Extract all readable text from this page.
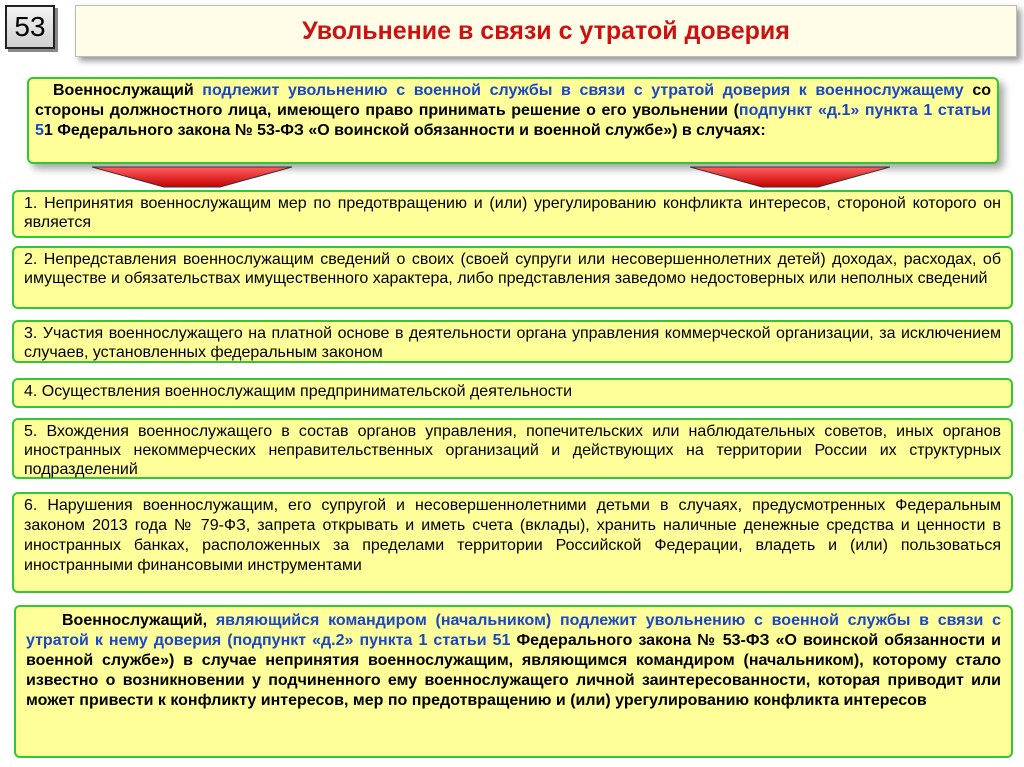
53	Увольнение в связи с утратой доверия
Военнослужащий подлежит увольнению с военной службы в связи с утратой доверия к военнослужащему со стороны должностного лица, имеющего право принимать решение о его увольнении (подпункт «д.1» пункта 1 статьи 51 Федерального закона № 53-ФЗ «О воинской обязанности и военной службе») в случаях:
1. Непринятия военнослужащим мер по предотвращению и (или) урегулированию конфликта интересов, стороной которого он является
2. Непредставления военнослужащим сведений о своих (своей супруги или несовершеннолетних детей) доходах, расходах, об имуществе и обязательствах имущественного характера, либо представления заведомо недостоверных или неполных сведений
3. Участия военнослужащего на платной основе в деятельности органа управления коммерческой организации, за исключением случаев, установленных федеральным законом
4. Осуществления военнослужащим предпринимательской деятельности
5. Вхождения военнослужащего в состав органов управления, попечительских или наблюдательных советов, иных органов иностранных некоммерческих неправительственных организаций и действующих на территории России их структурных подразделений
6. Нарушения военнослужащим, его супругой и несовершеннолетними детьми в случаях, предусмотренных Федеральным законом 2013 года № 79-ФЗ, запрета открывать и иметь счета (вклады), хранить наличные денежные средства и ценности в иностранных банках, расположенных за пределами территории Российской Федерации, владеть и (или) пользоваться иностранными финансовыми инструментами
Военнослужащий, являющийся командиром (начальником) подлежит увольнению с военной службы в связи с утратой к нему доверия (подпункт «д.2» пункта 1 статьи 51 Федерального закона № 53-ФЗ «О воинской обязанности и военной службе») в случае непринятия военнослужащим, являющимся командиром (начальником), которому стало известно о возникновении у подчиненного ему военнослужащего личной заинтересованности, которая приводит или может привести к конфликту интересов, мер по предотвращению и (или) урегулированию конфликта интересов
